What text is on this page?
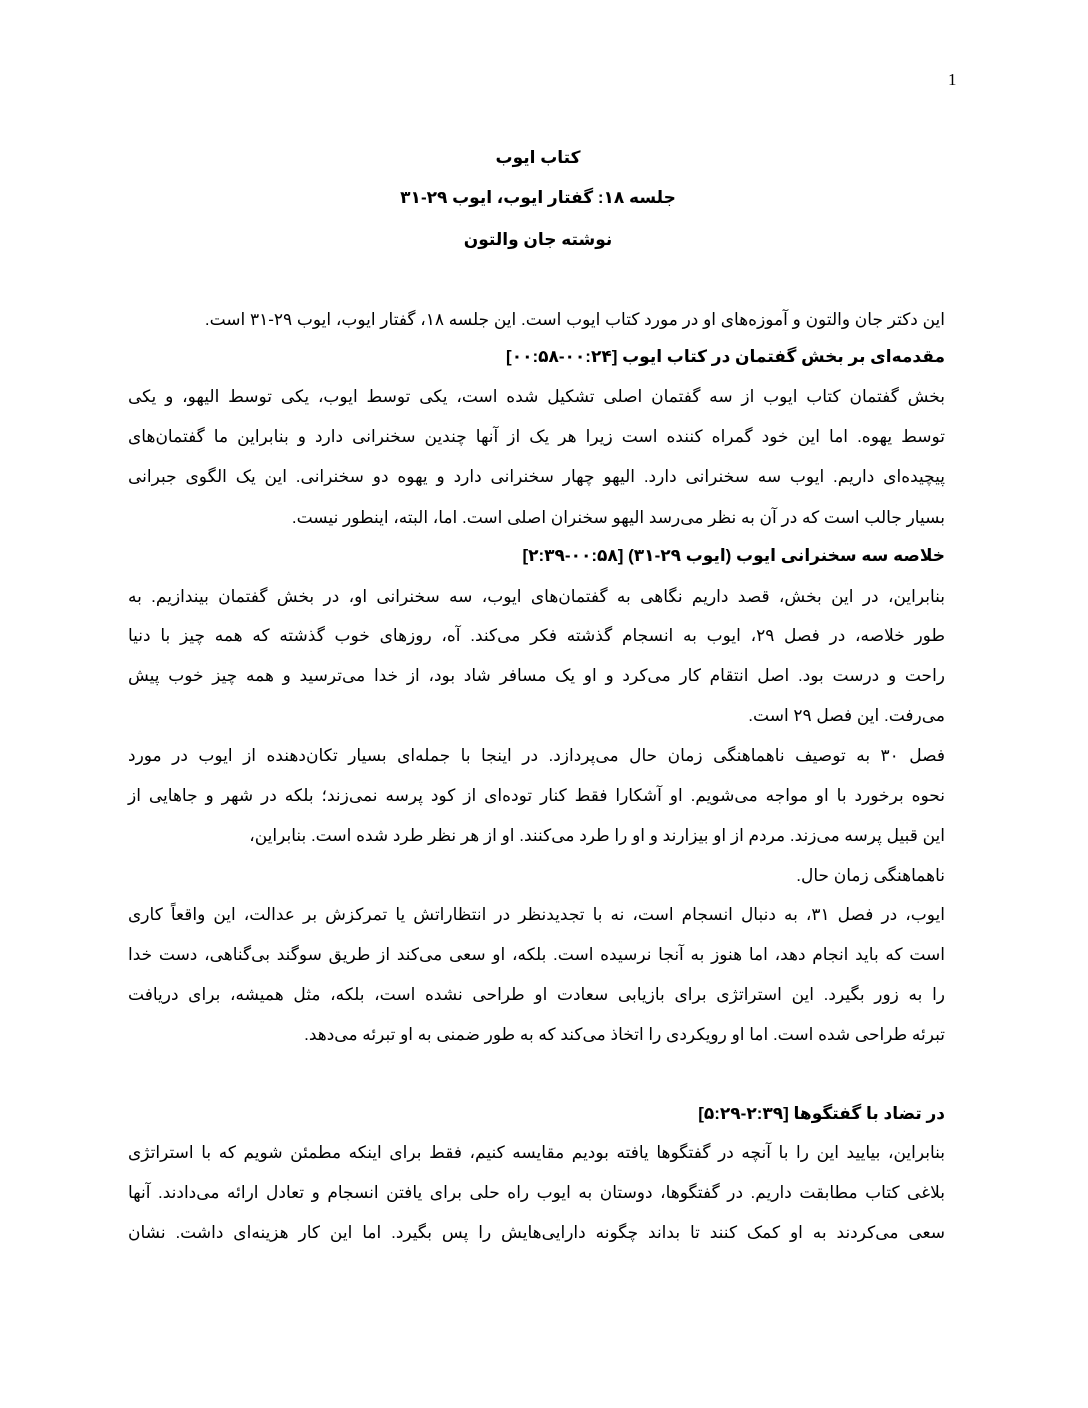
1
کتاب ایوب
جلسه ۱۸: گفتار ایوب، ایوب ۲۹-۳۱
نوشته جان والتون
این دکتر جان والتون و آموزه‌های او در مورد کتاب ایوب است. این جلسه ۱۸، گفتار ایوب، ایوب ۲۹-۳۱ است.
مقدمه‌ای بر بخش گفتمان در کتاب ایوب [۰۰:۲۴-۰۰:۵۸]
بخش گفتمان کتاب ایوب از سه گفتمان اصلی تشکیل شده است، یکی توسط ایوب، یکی توسط الیهو، و یکی
توسط یهوه. اما این خود گمراه کننده است زیرا هر یک از آنها چندین سخنرانی دارد و بنابراین ما گفتمان‌های
پیچیده‌ای داریم. ایوب سه سخنرانی دارد. الیهو چهار سخنرانی دارد و یهوه دو سخنرانی. این یک الگوی جبرانی
بسیار جالب است که در آن به نظر می‌رسد الیهو سخنران اصلی است. اما، البته، اینطور نیست.
خلاصه سه سخنرانی ایوب (ایوب ۲۹-۳۱) [۰۰:۵۸-۲:۳۹]
بنابراین، در این بخش، قصد داریم نگاهی به گفتمان‌های ایوب، سه سخنرانی او، در بخش گفتمان بیندازیم. به
طور خلاصه، در فصل ۲۹، ایوب به انسجام گذشته فکر می‌کند. آه، روزهای خوب گذشته که همه چیز با دنیا
راحت و درست بود. اصل انتقام کار می‌کرد و او یک مسافر شاد بود، از خدا می‌ترسید و همه چیز خوب پیش
می‌رفت. این فصل ۲۹ است.
فصل ۳۰ به توصیف ناهماهنگی زمان حال می‌پردازد. در اینجا با جمله‌ای بسیار تکان‌دهنده از ایوب در مورد
نحوه برخورد با او مواجه می‌شویم. او آشکارا فقط کنار توده‌ای از کود پرسه نمی‌زند؛ بلکه در شهر و جاهایی از
این قبیل پرسه می‌زند. مردم از او بیزارند و او را طرد می‌کنند. او از هر نظر طرد شده است. بنابراین،
ناهماهنگی زمان حال.
ایوب، در فصل ۳۱، به دنبال انسجام است، نه با تجدیدنظر در انتظاراتش یا تمرکزش بر عدالت، این واقعاً کاری
است که باید انجام دهد، اما هنوز به آنجا نرسیده است. بلکه، او سعی می‌کند از طریق سوگند بی‌گناهی، دست خدا
را به زور بگیرد. این استراتژی برای بازیابی سعادت او طراحی نشده است، بلکه، مثل همیشه، برای دریافت
تبرئه طراحی شده است. اما او رویکردی را اتخاذ می‌کند که به طور ضمنی به او تبرئه می‌دهد.
در تضاد با گفتگوها [۲:۳۹-۵:۲۹]
بنابراین، بیایید این را با آنچه در گفتگوها یافته بودیم مقایسه کنیم، فقط برای اینکه مطمئن شویم که با استراتژی
بلاغی کتاب مطابقت داریم. در گفتگوها، دوستان به ایوب راه حلی برای یافتن انسجام و تعادل ارائه می‌دادند. آنها
سعی می‌کردند به او کمک کنند تا بداند چگونه دارایی‌هایش را پس بگیرد. اما این کار هزینه‌ای داشت. نشان
